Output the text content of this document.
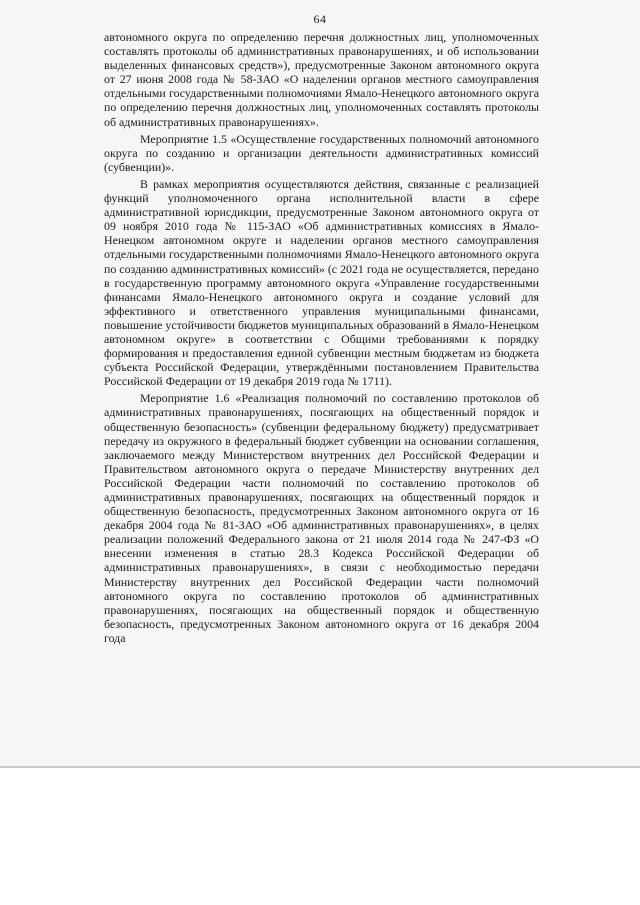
64

автономного округа по определению перечня должностных лиц, уполномоченных составлять протоколы об административных правонарушениях, и об использовании выделенных финансовых средств»), предусмотренные Законом автономного округа от 27 июня 2008 года № 58-ЗАО «О наделении органов местного самоуправления отдельными государственными полномочиями Ямало-Ненецкого автономного округа по определению перечня должностных лиц, уполномоченных составлять протоколы об административных правонарушениях».

Мероприятие 1.5 «Осуществление государственных полномочий автономного округа по созданию и организации деятельности административных комиссий (субвенции)».

В рамках мероприятия осуществляются действия, связанные с реализацией функций уполномоченного органа исполнительной власти в сфере административной юрисдикции, предусмотренные Законом автономного округа от 09 ноября 2010 года № 115-ЗАО «Об административных комиссиях в Ямало-Ненецком автономном округе и наделении органов местного самоуправления отдельными государственными полномочиями Ямало-Ненецкого автономного округа по созданию административных комиссий» (с 2021 года не осуществляется, передано в государственную программу автономного округа «Управление государственными финансами Ямало-Ненецкого автономного округа и создание условий для эффективного и ответственного управления муниципальными финансами, повышение устойчивости бюджетов муниципальных образований в Ямало-Ненецком автономном округе» в соответствии с Общими требованиями к порядку формирования и предоставления единой субвенции местным бюджетам из бюджета субъекта Российской Федерации, утверждёнными постановлением Правительства Российской Федерации от 19 декабря 2019 года № 1711).

Мероприятие 1.6 «Реализация полномочий по составлению протоколов об административных правонарушениях, посягающих на общественный порядок и общественную безопасность» (субвенции федеральному бюджету) предусматривает передачу из окружного в федеральный бюджет субвенции на основании соглашения, заключаемого между Министерством внутренних дел Российской Федерации и Правительством автономного округа о передаче Министерству внутренних дел Российской Федерации части полномочий по составлению протоколов об административных правонарушениях, посягающих на общественный порядок и общественную безопасность, предусмотренных Законом автономного округа от 16 декабря 2004 года № 81-ЗАО «Об административных правонарушениях», в целях реализации положений Федерального закона от 21 июля 2014 года № 247-ФЗ «О внесении изменения в статью 28.3 Кодекса Российской Федерации об административных правонарушениях», в связи с необходимостью передачи Министерству внутренних дел Российской Федерации части полномочий автономного округа по составлению протоколов об административных правонарушениях, посягающих на общественный порядок и общественную безопасность, предусмотренных Законом автономного округа от 16 декабря 2004 года
